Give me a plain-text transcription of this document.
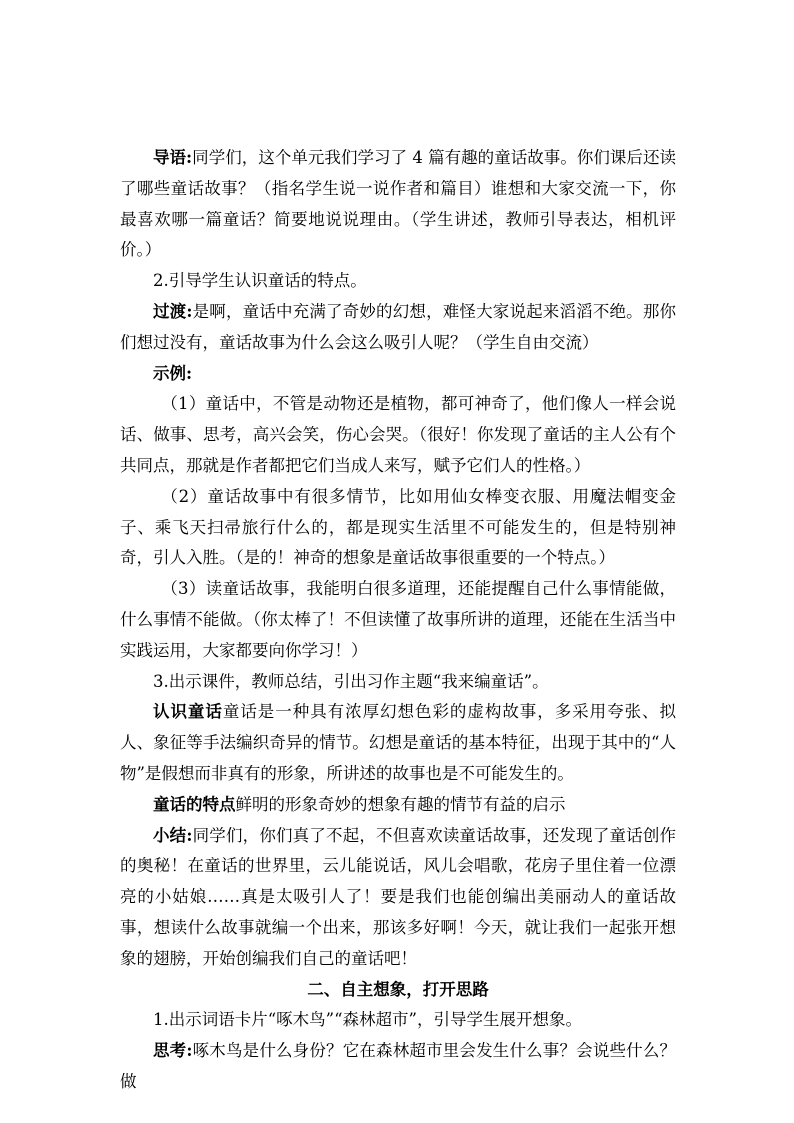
导语:同学们，这个单元我们学习了 4 篇有趣的童话故事。你们课后还读了哪些童话故事？（指名学生说一说作者和篇目）谁想和大家交流一下，你最喜欢哪一篇童话？简要地说说理由。（学生讲述，教师引导表达，相机评价。）

2.引导学生认识童话的特点。

过渡:是啊，童话中充满了奇妙的幻想，难怪大家说起来滔滔不绝。那你们想过没有，童话故事为什么会这么吸引人呢？（学生自由交流）

示例:

（1）童话中，不管是动物还是植物，都可神奇了，他们像人一样会说话、做事、思考，高兴会笑，伤心会哭。（很好！你发现了童话的主人公有个共同点，那就是作者都把它们当成人来写，赋予它们人的性格。）

（2）童话故事中有很多情节，比如用仙女棒变衣服、用魔法帽变金子、乘飞天扫帚旅行什么的，都是现实生活里不可能发生的，但是特别神奇，引人入胜。（是的！神奇的想象是童话故事很重要的一个特点。）

（3）读童话故事，我能明白很多道理，还能提醒自己什么事情能做，什么事情不能做。（你太棒了！不但读懂了故事所讲的道理，还能在生活当中实践运用，大家都要向你学习！）

3.出示课件，教师总结，引出习作主题“我来编童话”。

认识童话童话是一种具有浓厚幻想色彩的虚构故事，多采用夸张、拟人、象征等手法编织奇异的情节。幻想是童话的基本特征，出现于其中的“人物”是假想而非真有的形象，所讲述的故事也是不可能发生的。

童话的特点鲜明的形象奇妙的想象有趣的情节有益的启示

小结:同学们，你们真了不起，不但喜欢读童话故事，还发现了童话创作的奥秘！在童话的世界里，云儿能说话，风儿会唱歌，花房子里住着一位漂亮的小姑娘……真是太吸引人了！要是我们也能创编出美丽动人的童话故事，想读什么故事就编一个出来，那该多好啊！今天，就让我们一起张开想象的翅膀，开始创编我们自己的童话吧！

二、自主想象，打开思路

1.出示词语卡片“啄木鸟”“森林超市”，引导学生展开想象。

思考:啄木鸟是什么身份？它在森林超市里会发生什么事？会说些什么？做
